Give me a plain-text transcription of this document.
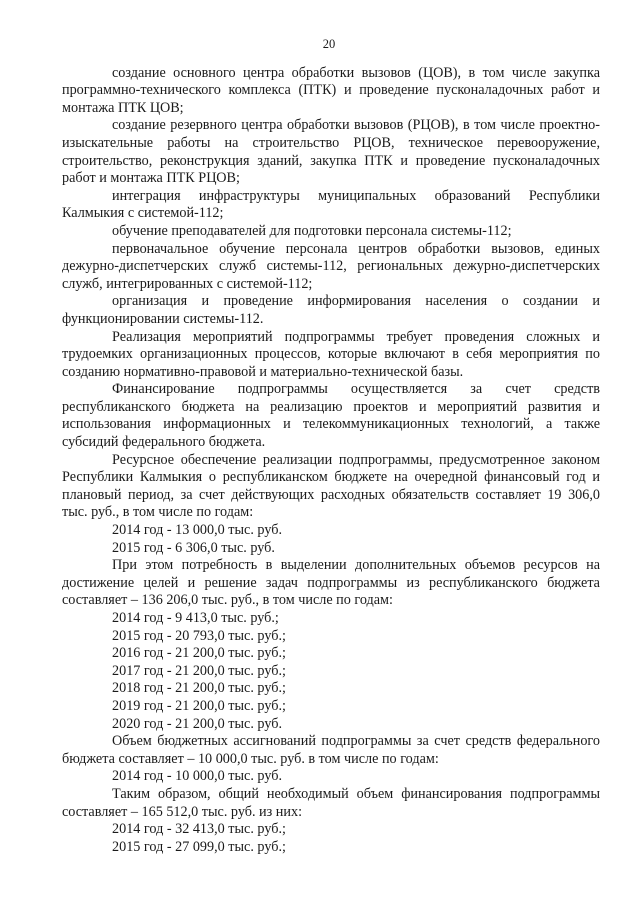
20

создание основного центра обработки вызовов (ЦОВ), в том числе закупка программно-технического комплекса (ПТК) и проведение пусконаладочных работ и монтажа ПТК ЦОВ;

создание резервного центра обработки вызовов (РЦОВ), в том числе проектно-изыскательные работы на строительство РЦОВ, техническое перевооружение, строительство, реконструкция зданий, закупка ПТК и проведение пусконаладочных работ и монтажа ПТК РЦОВ;

интеграция инфраструктуры муниципальных образований Республики Калмыкия с системой-112;

обучение преподавателей для подготовки персонала системы-112;

первоначальное обучение персонала центров обработки вызовов, единых дежурно-диспетчерских служб системы-112, региональных дежурно-диспетчерских служб, интегрированных с системой-112;

организация и проведение информирования населения о создании и функционировании системы-112.

Реализация мероприятий подпрограммы требует проведения сложных и трудоемких организационных процессов, которые включают в себя мероприятия по созданию нормативно-правовой и материально-технической базы.

Финансирование подпрограммы осуществляется за счет средств республиканского бюджета на реализацию проектов и мероприятий развития и использования информационных и телекоммуникационных технологий, а также субсидий федерального бюджета.

Ресурсное обеспечение реализации подпрограммы, предусмотренное законом Республики Калмыкия о республиканском бюджете на очередной финансовый год и плановый период, за счет действующих расходных обязательств составляет 19 306,0 тыс. руб., в том числе по годам:

2014 год - 13 000,0 тыс. руб.

2015 год - 6 306,0 тыс. руб.

При этом потребность в выделении дополнительных объемов ресурсов на достижение целей и решение задач подпрограммы из республиканского бюджета составляет – 136 206,0 тыс. руб., в том числе по годам:

2014 год - 9 413,0 тыс. руб.;

2015 год - 20 793,0 тыс. руб.;

2016 год - 21 200,0 тыс. руб.;

2017 год - 21 200,0 тыс. руб.;

2018 год - 21 200,0 тыс. руб.;

2019 год - 21 200,0 тыс. руб.;

2020 год - 21 200,0 тыс. руб.

Объем бюджетных ассигнований подпрограммы за счет средств федерального бюджета составляет – 10 000,0 тыс. руб. в том числе по годам:

2014 год - 10 000,0 тыс. руб.

Таким образом, общий необходимый объем финансирования подпрограммы составляет – 165 512,0 тыс. руб. из них:

2014 год - 32 413,0 тыс. руб.;

2015 год - 27 099,0 тыс. руб.;
